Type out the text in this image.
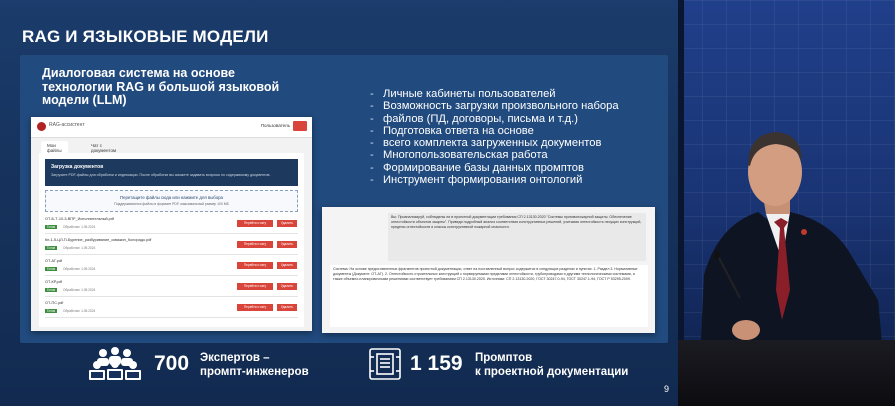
RAG И ЯЗЫКОВЫЕ МОДЕЛИ

Диалоговая система на основе технологии RAG и большой языковой модели (LLM)

RAG-ассистент	Пользователь
Мои файлы
Чат с документом
Загрузка документов
Загрузите PDF-файлы для обработки и индексации. После обработки вы сможете задавать вопросы по содержимому документов.
Перетащите файлы сюда или нажмите для выбора
Поддерживаются файлы в формате PDF, максимальный размер 100 МБ
ОТ-Б-Т-10-3-ВПР_Исполнительный.pdf
Готов	Обработан: 1.05.2024
Перейти к чату	Удалить
Кп-1-5-ЦЛ-П-Бурение_разбуривание_скважин_Колорадо.pdf
Готов	Обработан: 1.05.2024
Перейти к чату	Удалить
ОТ-АГ.pdf
Готов	Обработан: 1.05.2024
Перейти к чату	Удалить
ОТ-КР.pdf
Готов	Обработан: 1.05.2024
Перейти к чату	Удалить
ОТ-ПС.pdf
Готов	Обработан: 1.05.2024
Перейти к чату	Удалить
- Личные кабинеты пользователей
- Возможность загрузки произвольного набора
- файлов (ПД, договоры, письма и т.д.)
- Подготовка ответа на основе
- всего комплекта загруженных документов
- Многопользовательская работа
- Формирование базы данных промптов
- Инструмент формирования онтологий
Вы: Проанализируй, соблюдены ли в проектной документации требования СП 2.13130.2020 "Системы противопожарной защиты. Обеспечение огнестойкости объектов защиты". Приведи подробный анализ соответствия конструктивных решений, учитывая огнестойкость несущих конструкций, пределы огнестойкости и классы конструктивной пожарной опасности.
Система: На основе предоставленных фрагментов проектной документации, ответ на поставленный вопрос содержится в следующих разделах и пунктах: 1. Раздел 3. Нормативные документы (Документ: ОТ-АГ). 2. Огнестойкость строительных конструкций с нормируемыми пределами огнестойкости, трубопроводами и другими технологическими системами, а также объемно-планировочными решениями соответствует требованиям СП 2.13130.2020. Источники: СП 2.13130.2020, ГОСТ 30247.0-94, ГОСТ 30247.1-94, ГОСТ Р 53295-2009.
700 Экспертов –
промпт-инженеров	1 159 Промптов
к проектной документации
9
